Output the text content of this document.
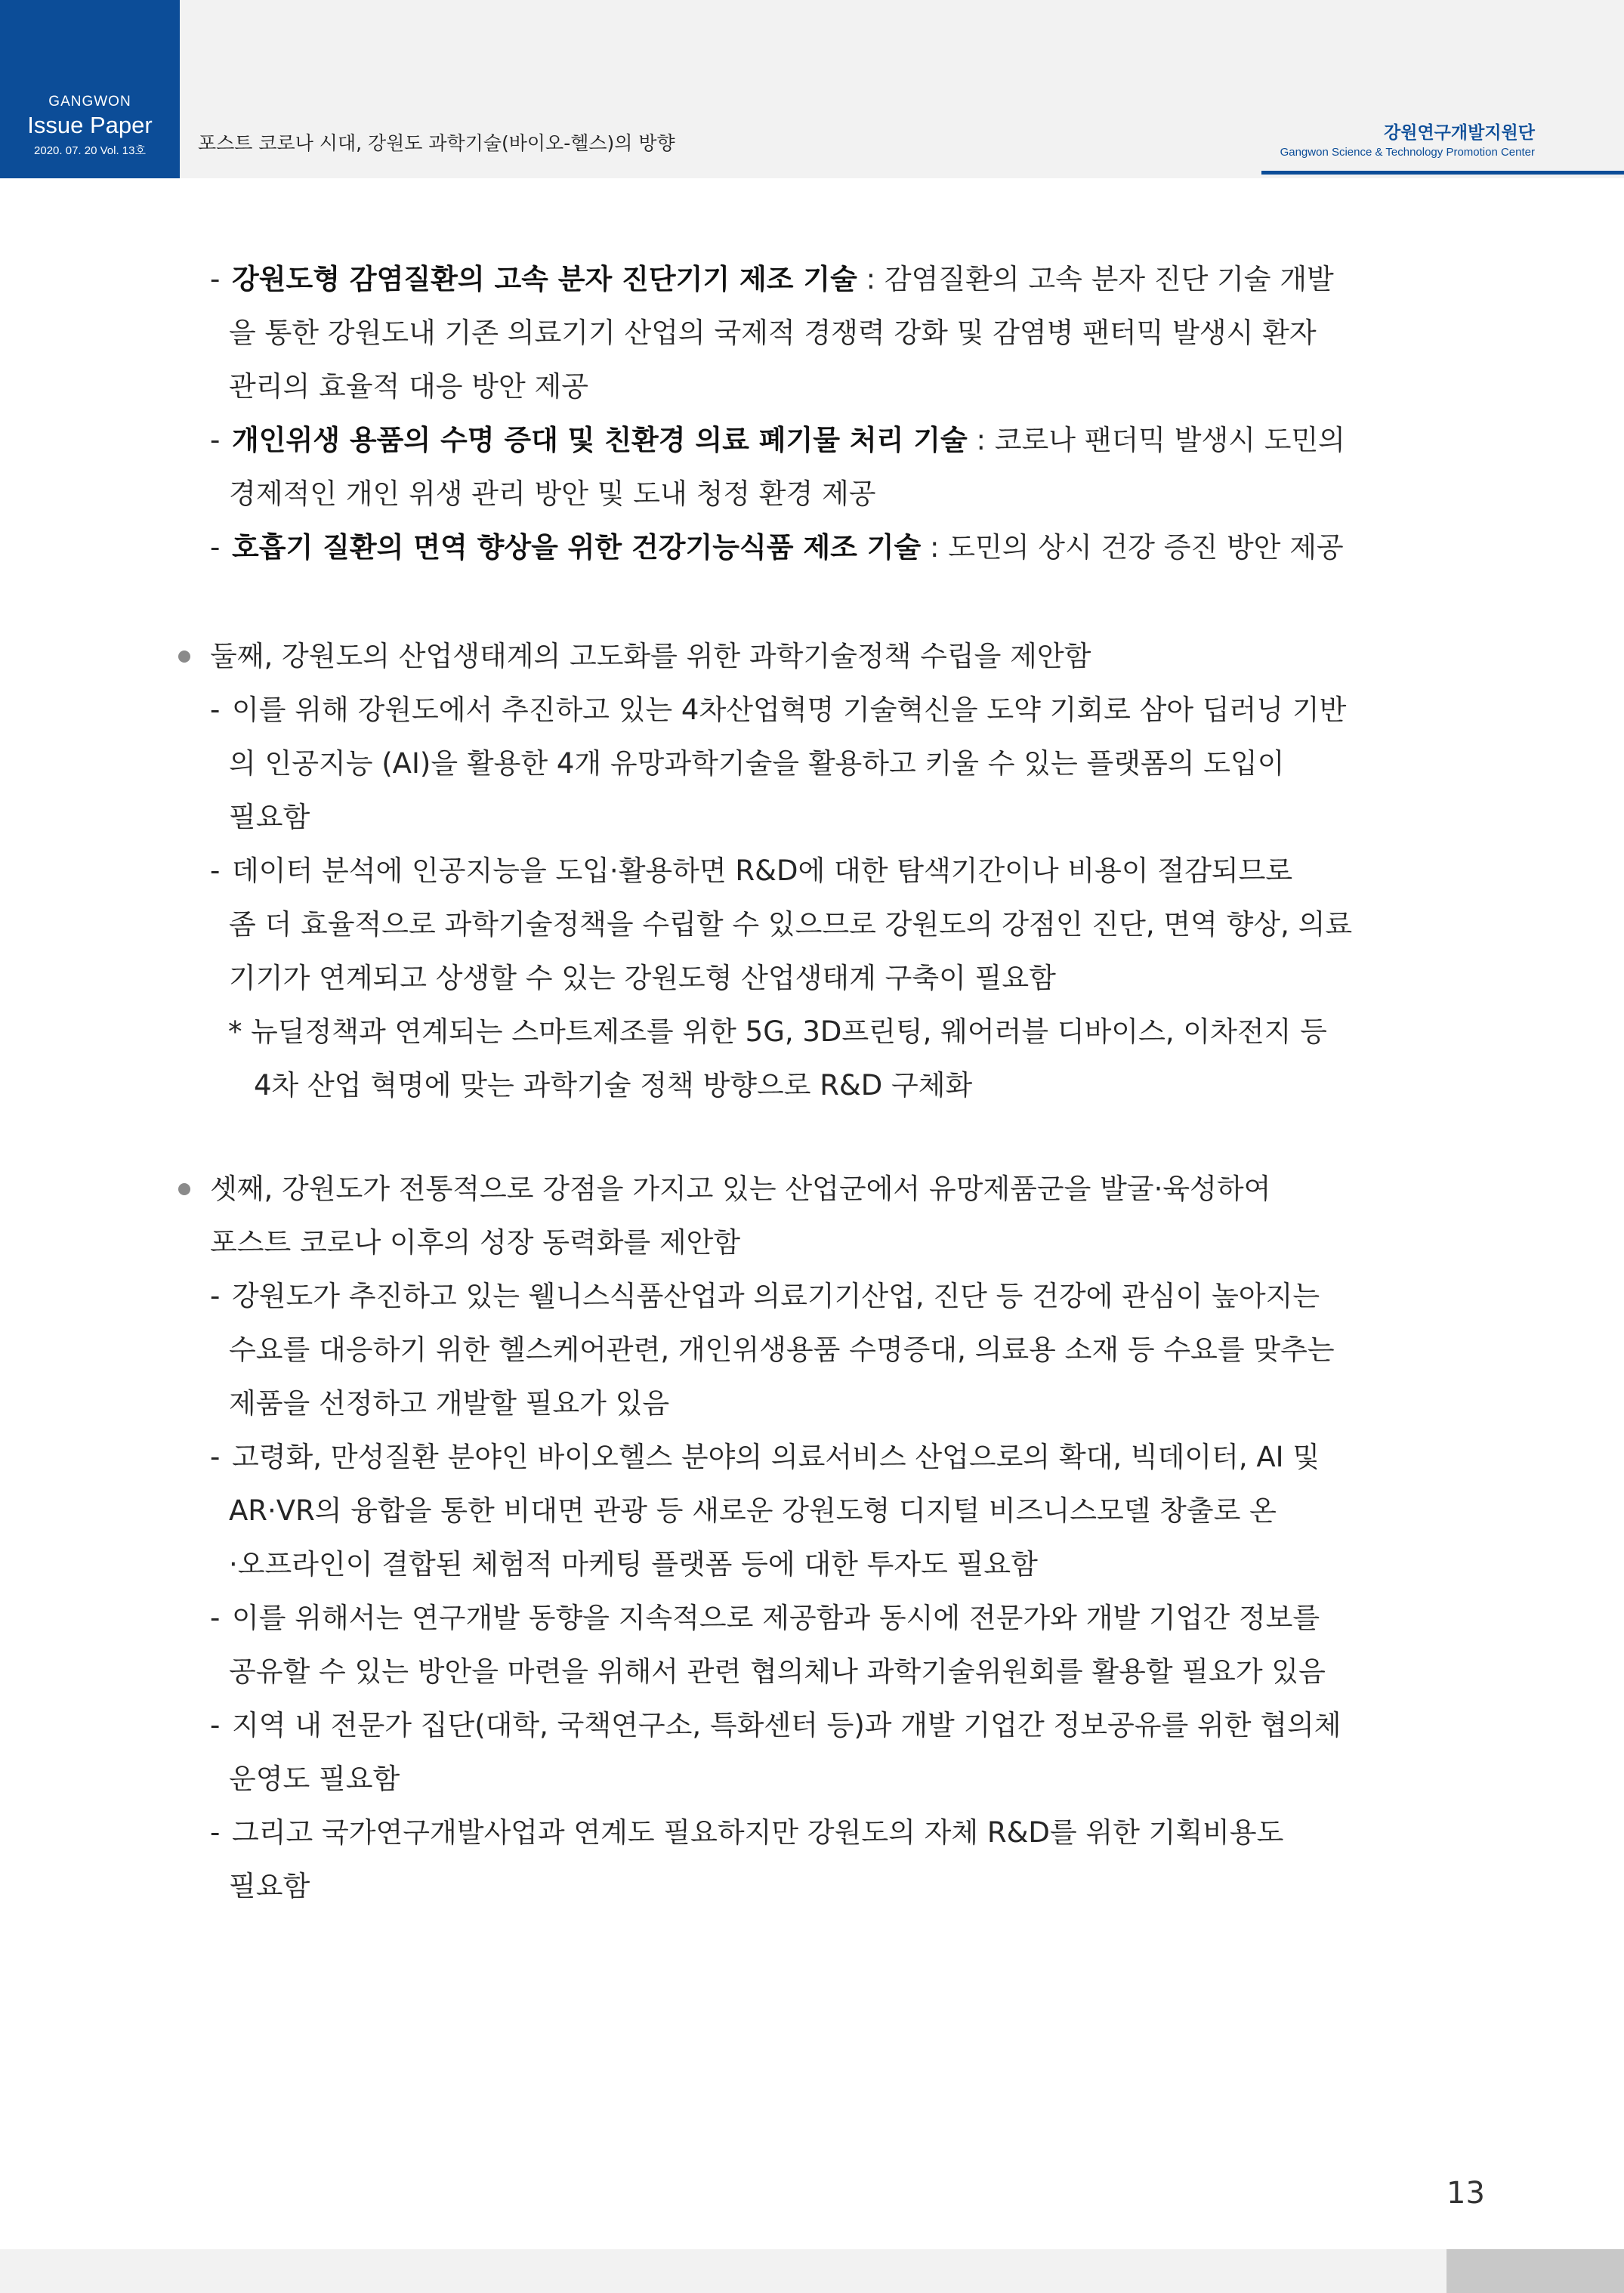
GANGWON
Issue Paper
2020. 07. 20 Vol. 13호	포스트 코로나 시대, 강원도 과학기술(바이오-헬스)의 방향	강원연구개발지원단
Gangwon Science & Technology Promotion Center
- 강원도형 감염질환의 고속 분자 진단기기 제조 기술 : 감염질환의 고속 분자 진단 기술 개발
을 통한 강원도내 기존 의료기기 산업의 국제적 경쟁력 강화 및 감염병 팬터믹 발생시 환자
관리의 효율적 대응 방안 제공
- 개인위생 용품의 수명 증대 및 친환경 의료 폐기물 처리 기술 : 코로나 팬더믹 발생시 도민의
경제적인 개인 위생 관리 방안 및 도내 청정 환경 제공
- 호흡기 질환의 면역 향상을 위한 건강기능식품 제조 기술 : 도민의 상시 건강 증진 방안 제공
둘째, 강원도의 산업생태계의 고도화를 위한 과학기술정책 수립을 제안함
- 이를 위해 강원도에서 추진하고 있는 4차산업혁명 기술혁신을 도약 기회로 삼아 딥러닝 기반
의 인공지능 (AI)을 활용한 4개 유망과학기술을 활용하고 키울 수 있는 플랫폼의 도입이
필요함
- 데이터 분석에 인공지능을 도입·활용하면 R&D에 대한 탐색기간이나 비용이 절감되므로
좀 더 효율적으로 과학기술정책을 수립할 수 있으므로 강원도의 강점인 진단, 면역 향상, 의료
기기가 연계되고 상생할 수 있는 강원도형 산업생태계 구축이 필요함
* 뉴딜정책과 연계되는 스마트제조를 위한 5G, 3D프린팅, 웨어러블 디바이스, 이차전지 등
4차 산업 혁명에 맞는 과학기술 정책 방향으로 R&D 구체화
셋째, 강원도가 전통적으로 강점을 가지고 있는 산업군에서 유망제품군을 발굴·육성하여
포스트 코로나 이후의 성장 동력화를 제안함
- 강원도가 추진하고 있는 웰니스식품산업과 의료기기산업, 진단 등 건강에 관심이 높아지는
수요를 대응하기 위한 헬스케어관련, 개인위생용품 수명증대, 의료용 소재 등 수요를 맞추는
제품을 선정하고 개발할 필요가 있음
- 고령화, 만성질환 분야인 바이오헬스 분야의 의료서비스 산업으로의 확대, 빅데이터, AI 및
AR·VR의 융합을 통한 비대면 관광 등 새로운 강원도형 디지털 비즈니스모델 창출로 온
·오프라인이 결합된 체험적 마케팅 플랫폼 등에 대한 투자도 필요함
- 이를 위해서는 연구개발 동향을 지속적으로 제공함과 동시에 전문가와 개발 기업간 정보를
공유할 수 있는 방안을 마련을 위해서 관련 협의체나 과학기술위원회를 활용할 필요가 있음
- 지역 내 전문가 집단(대학, 국책연구소, 특화센터 등)과 개발 기업간 정보공유를 위한 협의체
운영도 필요함
- 그리고 국가연구개발사업과 연계도 필요하지만 강원도의 자체 R&D를 위한 기획비용도
필요함
13
